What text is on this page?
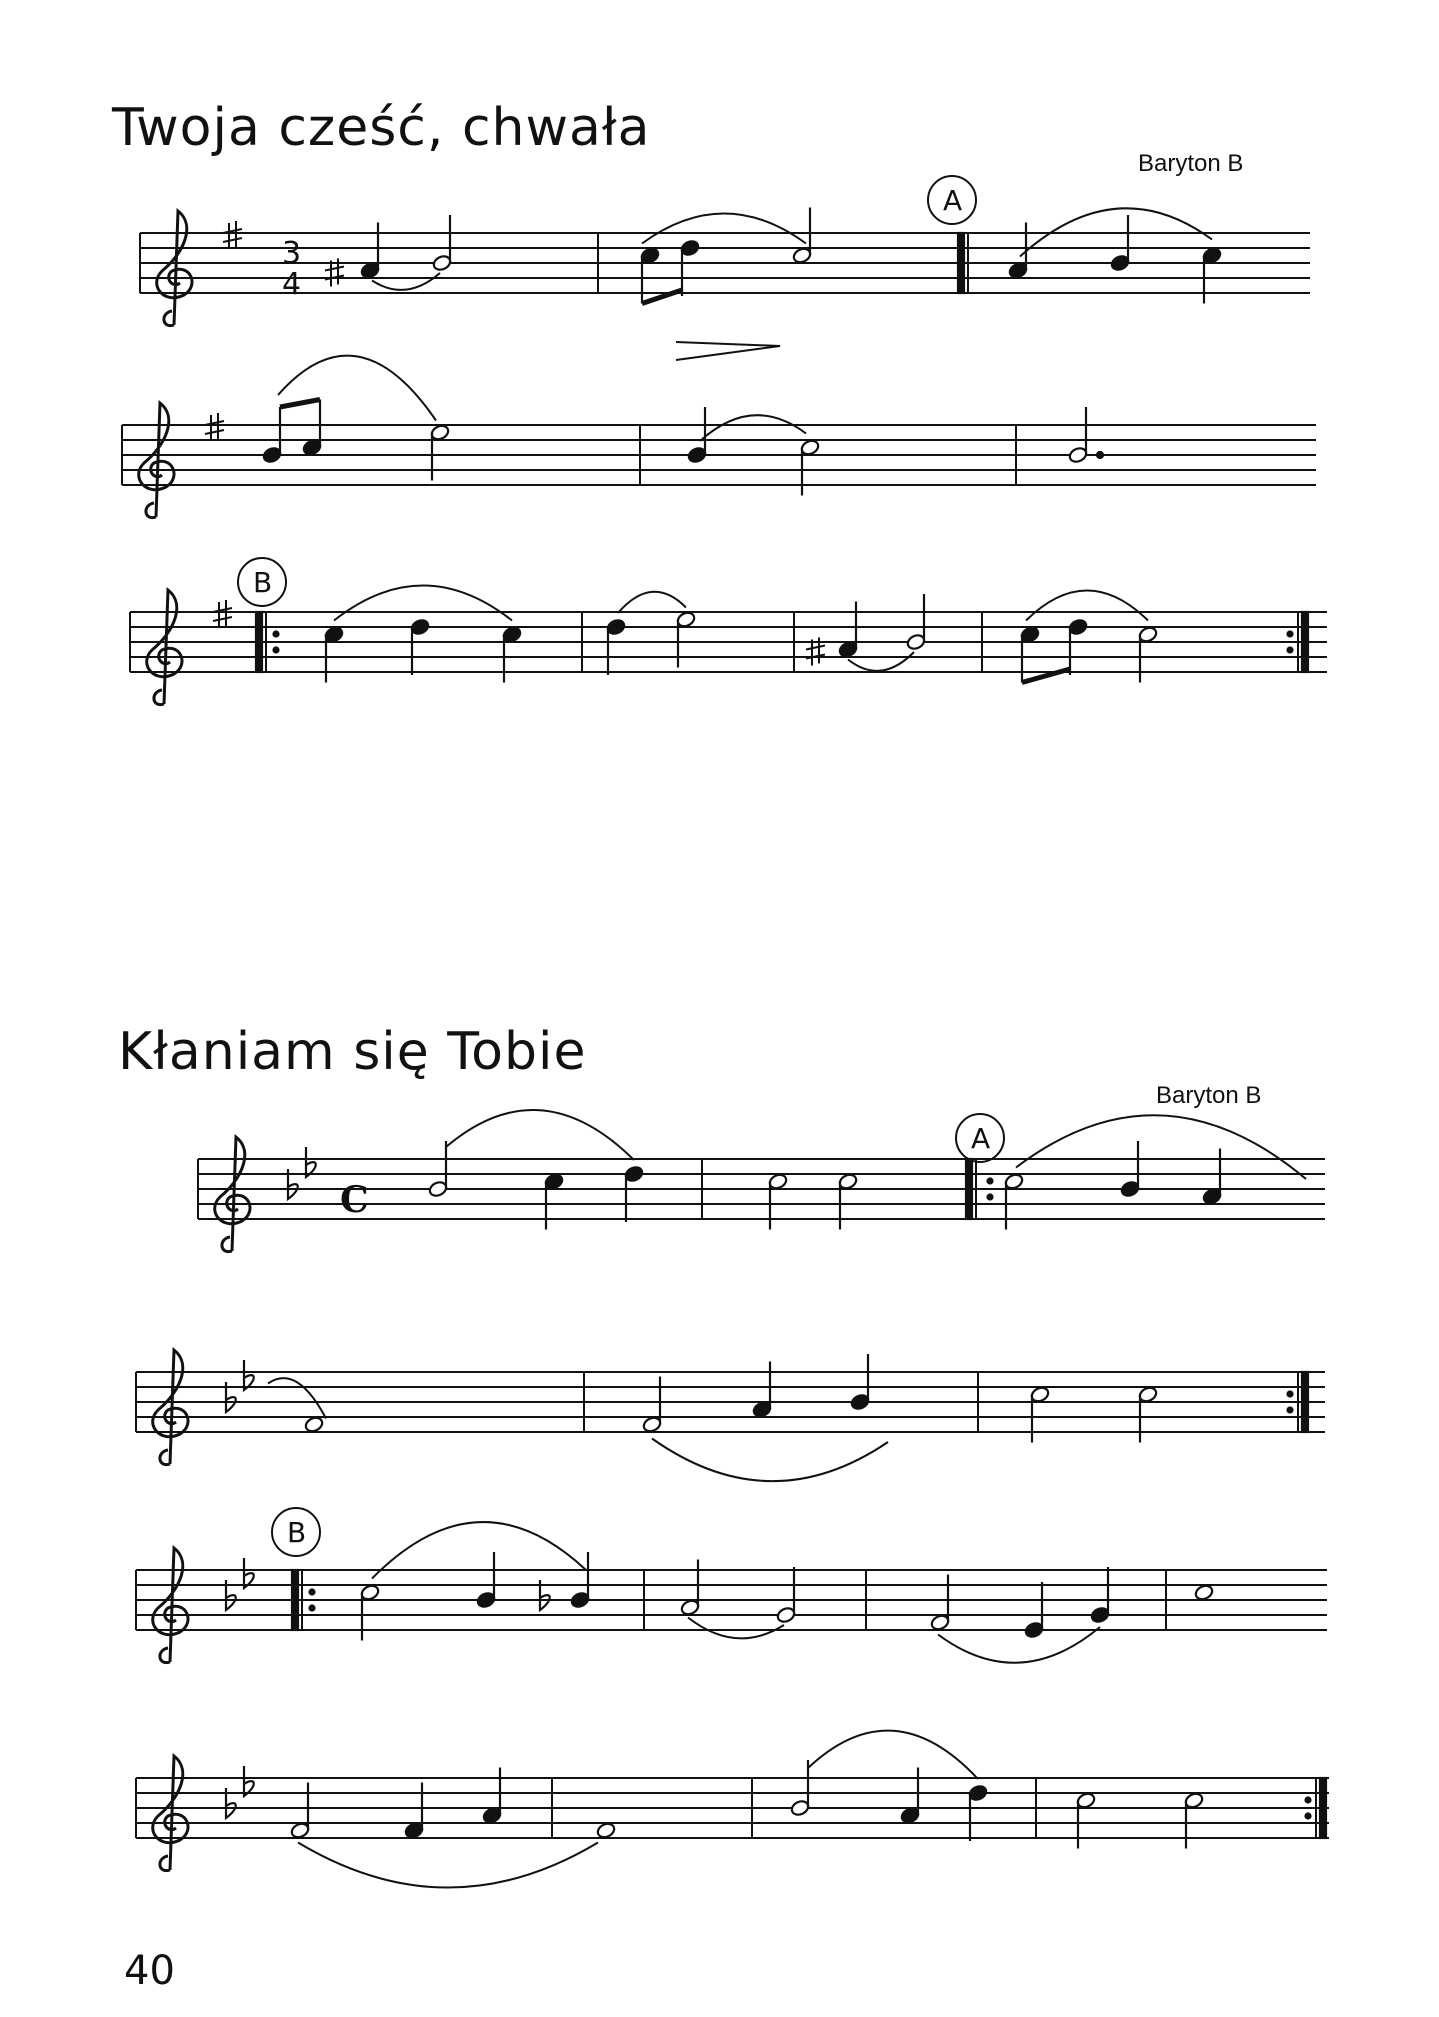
Twoja cześć, chwała
Baryton B
Kłaniam się Tobie
Baryton B
40
3
4
A
B
C
A
B
